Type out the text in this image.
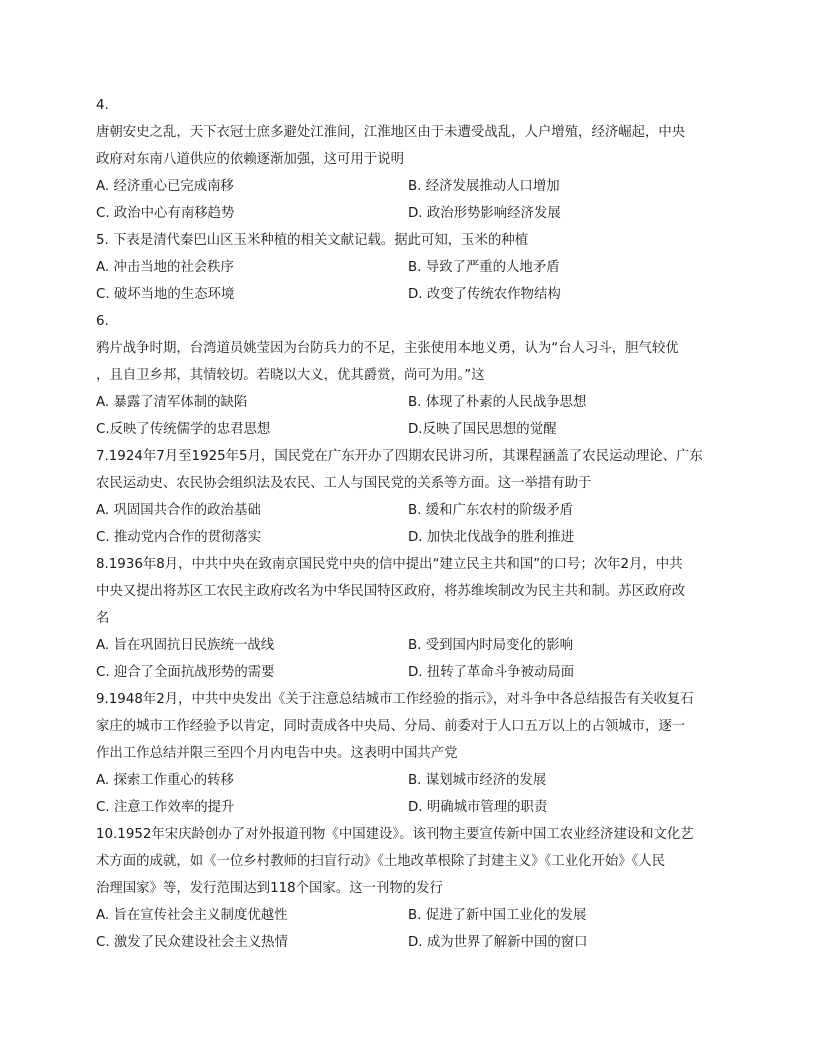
4.
唐朝安史之乱，天下衣冠士庶多避处江淮间，江淮地区由于未遭受战乱，人户增殖，经济崛起，中央
政府对东南八道供应的依赖逐渐加强，这可用于说明
A. 经济重心已完成南移	B. 经济发展推动人口增加
C. 政治中心有南移趋势	D. 政治形势影响经济发展
5. 下表是清代秦巴山区玉米种植的相关文献记载。据此可知，玉米的种植
A. 冲击当地的社会秩序	B. 导致了严重的人地矛盾
C. 破坏当地的生态环境	D. 改变了传统农作物结构
6.
鸦片战争时期，台湾道员姚莹因为台防兵力的不足，主张使用本地义勇，认为“台人习斗，胆气较优
，且自卫乡邦，其情较切。若晓以大义，优其爵赏，尚可为用。”这
A. 暴露了清军体制的缺陷	B. 体现了朴素的人民战争思想
C.反映了传统儒学的忠君思想	D.反映了国民思想的觉醒
7.1924年7月至1925年5月，国民党在广东开办了四期农民讲习所，其课程涵盖了农民运动理论、广东
农民运动史、农民协会组织法及农民、工人与国民党的关系等方面。这一举措有助于
A. 巩固国共合作的政治基础	B. 缓和广东农村的阶级矛盾
C. 推动党内合作的贯彻落实	D. 加快北伐战争的胜利推进
8.1936年8月，中共中央在致南京国民党中央的信中提出“建立民主共和国”的口号；次年2月，中共
中央又提出将苏区工农民主政府改名为中华民国特区政府，将苏维埃制改为民主共和制。苏区政府改
名
A. 旨在巩固抗日民族统一战线	B. 受到国内时局变化的影响
C. 迎合了全面抗战形势的需要	D. 扭转了革命斗争被动局面
9.1948年2月，中共中央发出《关于注意总结城市工作经验的指示》，对斗争中各总结报告有关收复石
家庄的城市工作经验予以肯定，同时责成各中央局、分局、前委对于人口五万以上的占领城市，逐一
作出工作总结并限三至四个月内电告中央。这表明中国共产党
A. 探索工作重心的转移	B. 谋划城市经济的发展
C. 注意工作效率的提升	D. 明确城市管理的职责
10.1952年宋庆龄创办了对外报道刊物《中国建设》。该刊物主要宣传新中国工农业经济建设和文化艺
术方面的成就，如《一位乡村教师的扫盲行动》《土地改革根除了封建主义》《工业化开始》《人民
治理国家》等，发行范围达到118个国家。这一刊物的发行
A. 旨在宣传社会主义制度优越性	B. 促进了新中国工业化的发展
C. 激发了民众建设社会主义热情	D. 成为世界了解新中国的窗口
